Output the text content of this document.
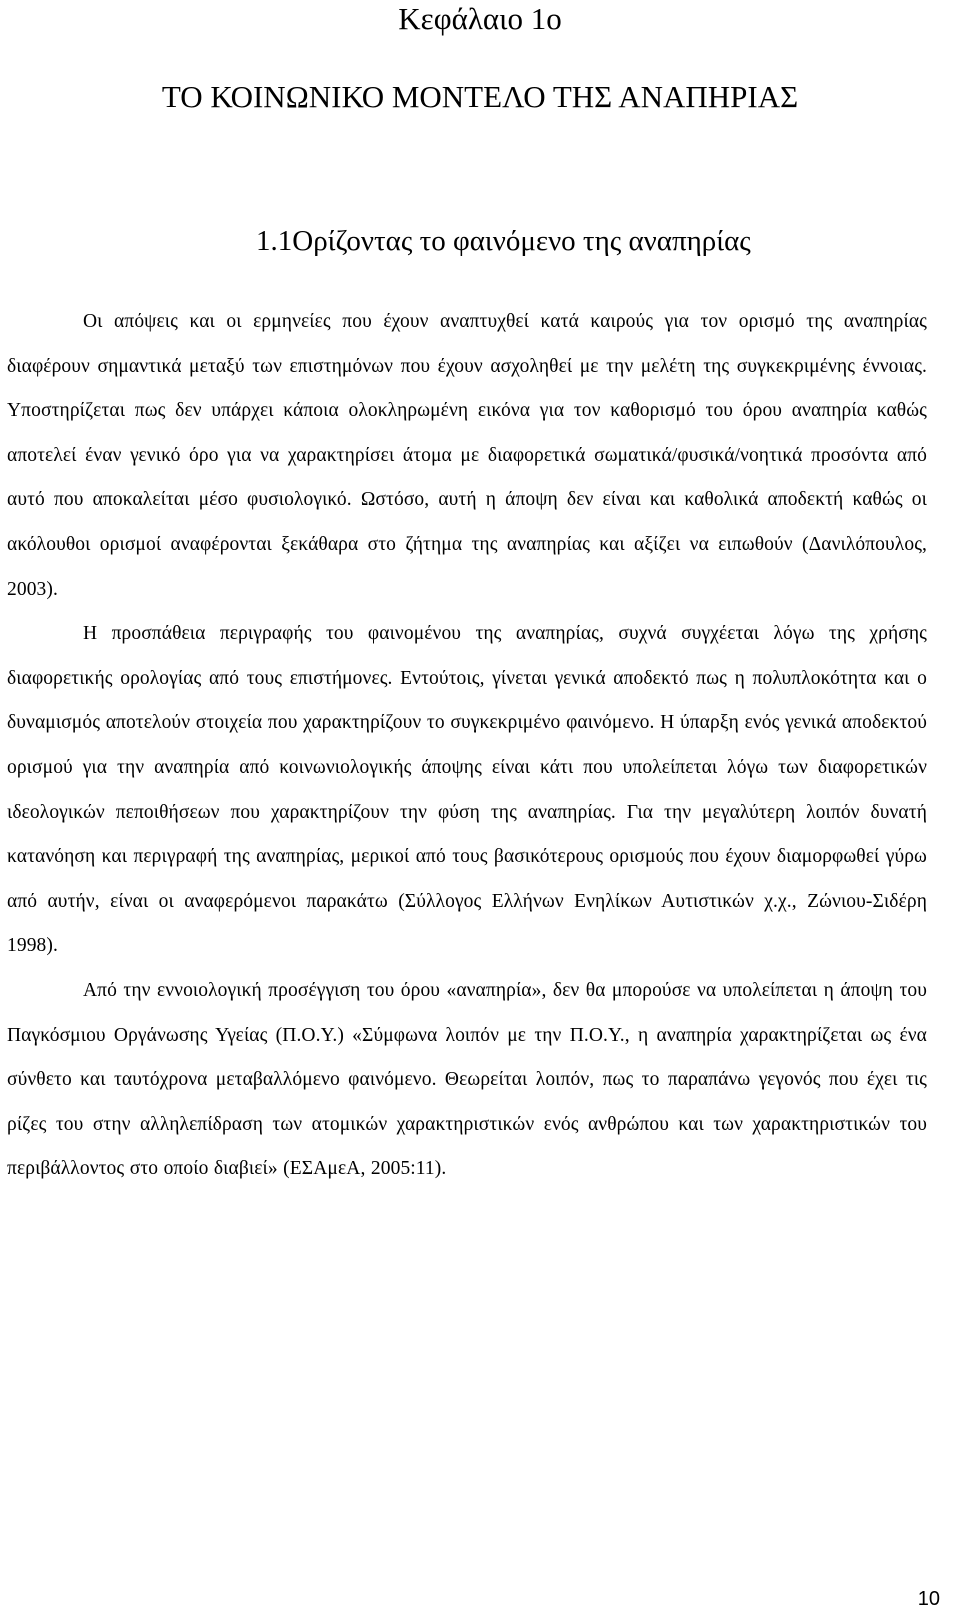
Κεφάλαιο 1ο
ΤΟ ΚΟΙΝΩΝΙΚΟ ΜΟΝΤΕΛΟ ΤΗΣ ΑΝΑΠΗΡΙΑΣ
1.1Ορίζοντας το φαινόμενο της αναπηρίας

Οι απόψεις και οι ερμηνείες που έχουν αναπτυχθεί κατά καιρούς για τον ορισμό της αναπηρίας διαφέρουν σημαντικά μεταξύ των επιστημόνων που έχουν ασχοληθεί με την μελέτη της συγκεκριμένης έννοιας. Υποστηρίζεται πως δεν υπάρχει κάποια ολοκληρωμένη εικόνα για τον καθορισμό του όρου αναπηρία καθώς αποτελεί έναν γενικό όρο για να χαρακτηρίσει άτομα με διαφορετικά σωματικά/φυσικά/νοητικά προσόντα από αυτό που αποκαλείται μέσο φυσιολογικό. Ωστόσο, αυτή η άποψη δεν είναι και καθολικά αποδεκτή καθώς οι ακόλουθοι ορισμοί αναφέρονται ξεκάθαρα στο ζήτημα της αναπηρίας και αξίζει να ειπωθούν (Δανιλόπουλος, 2003).

Η προσπάθεια περιγραφής του φαινομένου της αναπηρίας, συχνά συγχέεται λόγω της χρήσης διαφορετικής ορολογίας από τους επιστήμονες. Εντούτοις, γίνεται γενικά αποδεκτό πως η πολυπλοκότητα και ο δυναμισμός αποτελούν στοιχεία που χαρακτηρίζουν το συγκεκριμένο φαινόμενο. Η ύπαρξη ενός γενικά αποδεκτού ορισμού για την αναπηρία από κοινωνιολογικής άποψης είναι κάτι που υπολείπεται λόγω των διαφορετικών ιδεολογικών πεποιθήσεων που χαρακτηρίζουν την φύση της αναπηρίας. Για την μεγαλύτερη λοιπόν δυνατή κατανόηση και περιγραφή της αναπηρίας, μερικοί από τους βασικότερους ορισμούς που έχουν διαμορφωθεί γύρω από αυτήν, είναι οι αναφερόμενοι παρακάτω (Σύλλογος Ελλήνων Ενηλίκων Αυτιστικών χ.χ., Ζώνιου-Σιδέρη 1998).

Από την εννοιολογική προσέγγιση του όρου «αναπηρία», δεν θα μπορούσε να υπολείπεται η άποψη του Παγκόσμιου Οργάνωσης Υγείας (Π.Ο.Υ.) «Σύμφωνα λοιπόν με την Π.Ο.Υ., η αναπηρία χαρακτηρίζεται ως ένα σύνθετο και ταυτόχρονα μεταβαλλόμενο φαινόμενο. Θεωρείται λοιπόν, πως το παραπάνω γεγονός που έχει τις ρίζες του στην αλληλεπίδραση των ατομικών χαρακτηριστικών ενός ανθρώπου και των χαρακτηριστικών του περιβάλλοντος στο οποίο διαβιεί» (ΕΣΑμεΑ, 2005:11).

10
